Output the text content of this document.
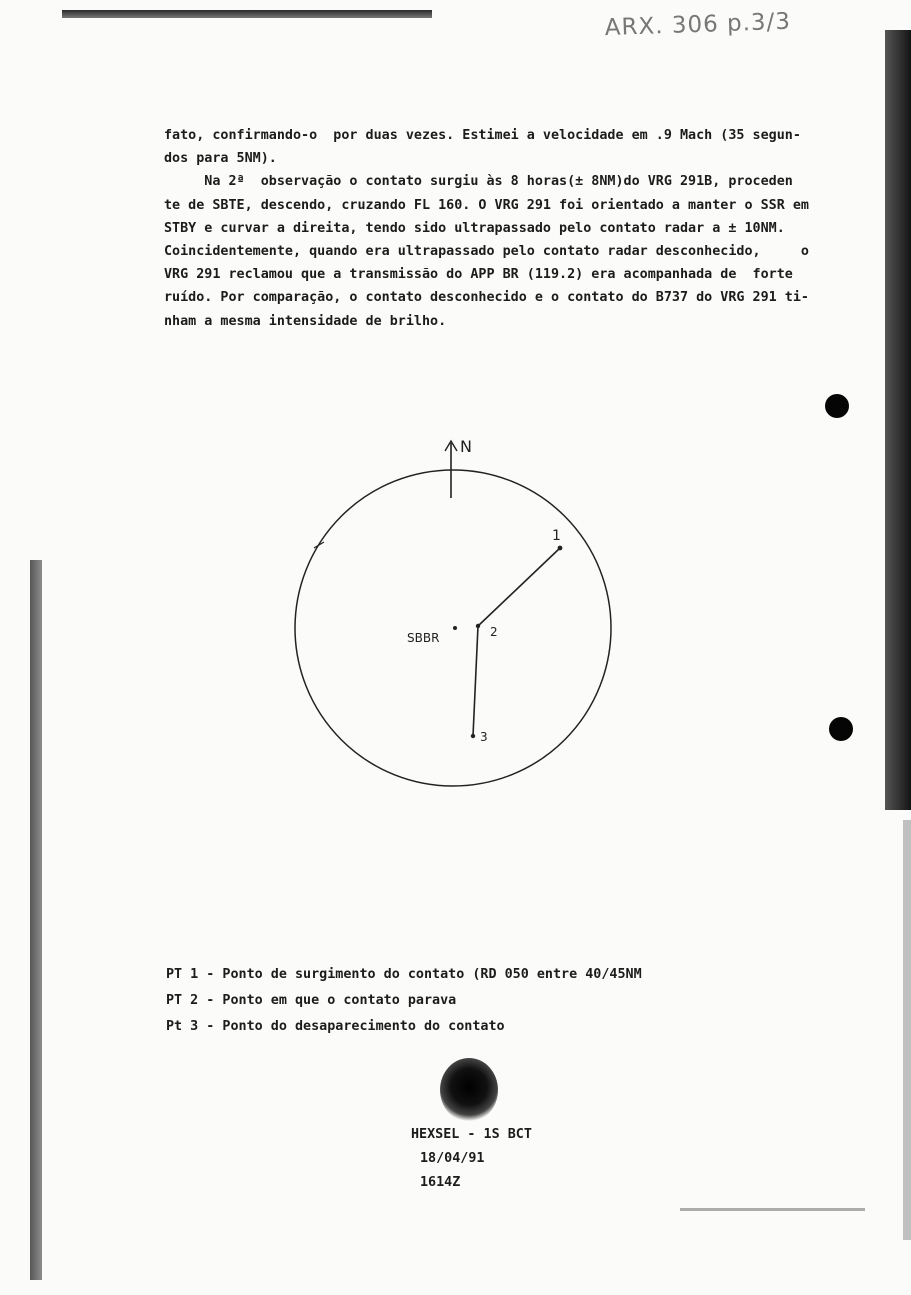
ARX. 306 p.3/3

fato, confirmando-o  por duas vezes. Estimei a velocidade em .9 Mach (35 segun-

dos para 5NM).

Na 2ª  observação o contato surgiu às 8 horas(± 8NM)do VRG 291B, proceden

te de SBTE, descendo, cruzando FL 160. O VRG 291 foi orientado a manter o SSR em

STBY e curvar a direita, tendo sido ultrapassado pelo contato radar a ± 10NM.

Coincidentemente, quando era ultrapassado pelo contato radar desconhecido,     o

VRG 291 reclamou que a transmissão do APP BR (119.2) era acompanhada de  forte

ruído. Por comparação, o contato desconhecido e o contato do B737 do VRG 291 ti-

nham a mesma intensidade de brilho.

N
1
2
3
SBBR
PT 1 - Ponto de surgimento do contato (RD 050 entre 40/45NM
PT 2 - Ponto em que o contato parava
Pt 3 - Ponto do desaparecimento do contato
HEXSEL - 1S BCT
18/04/91
1614Z
